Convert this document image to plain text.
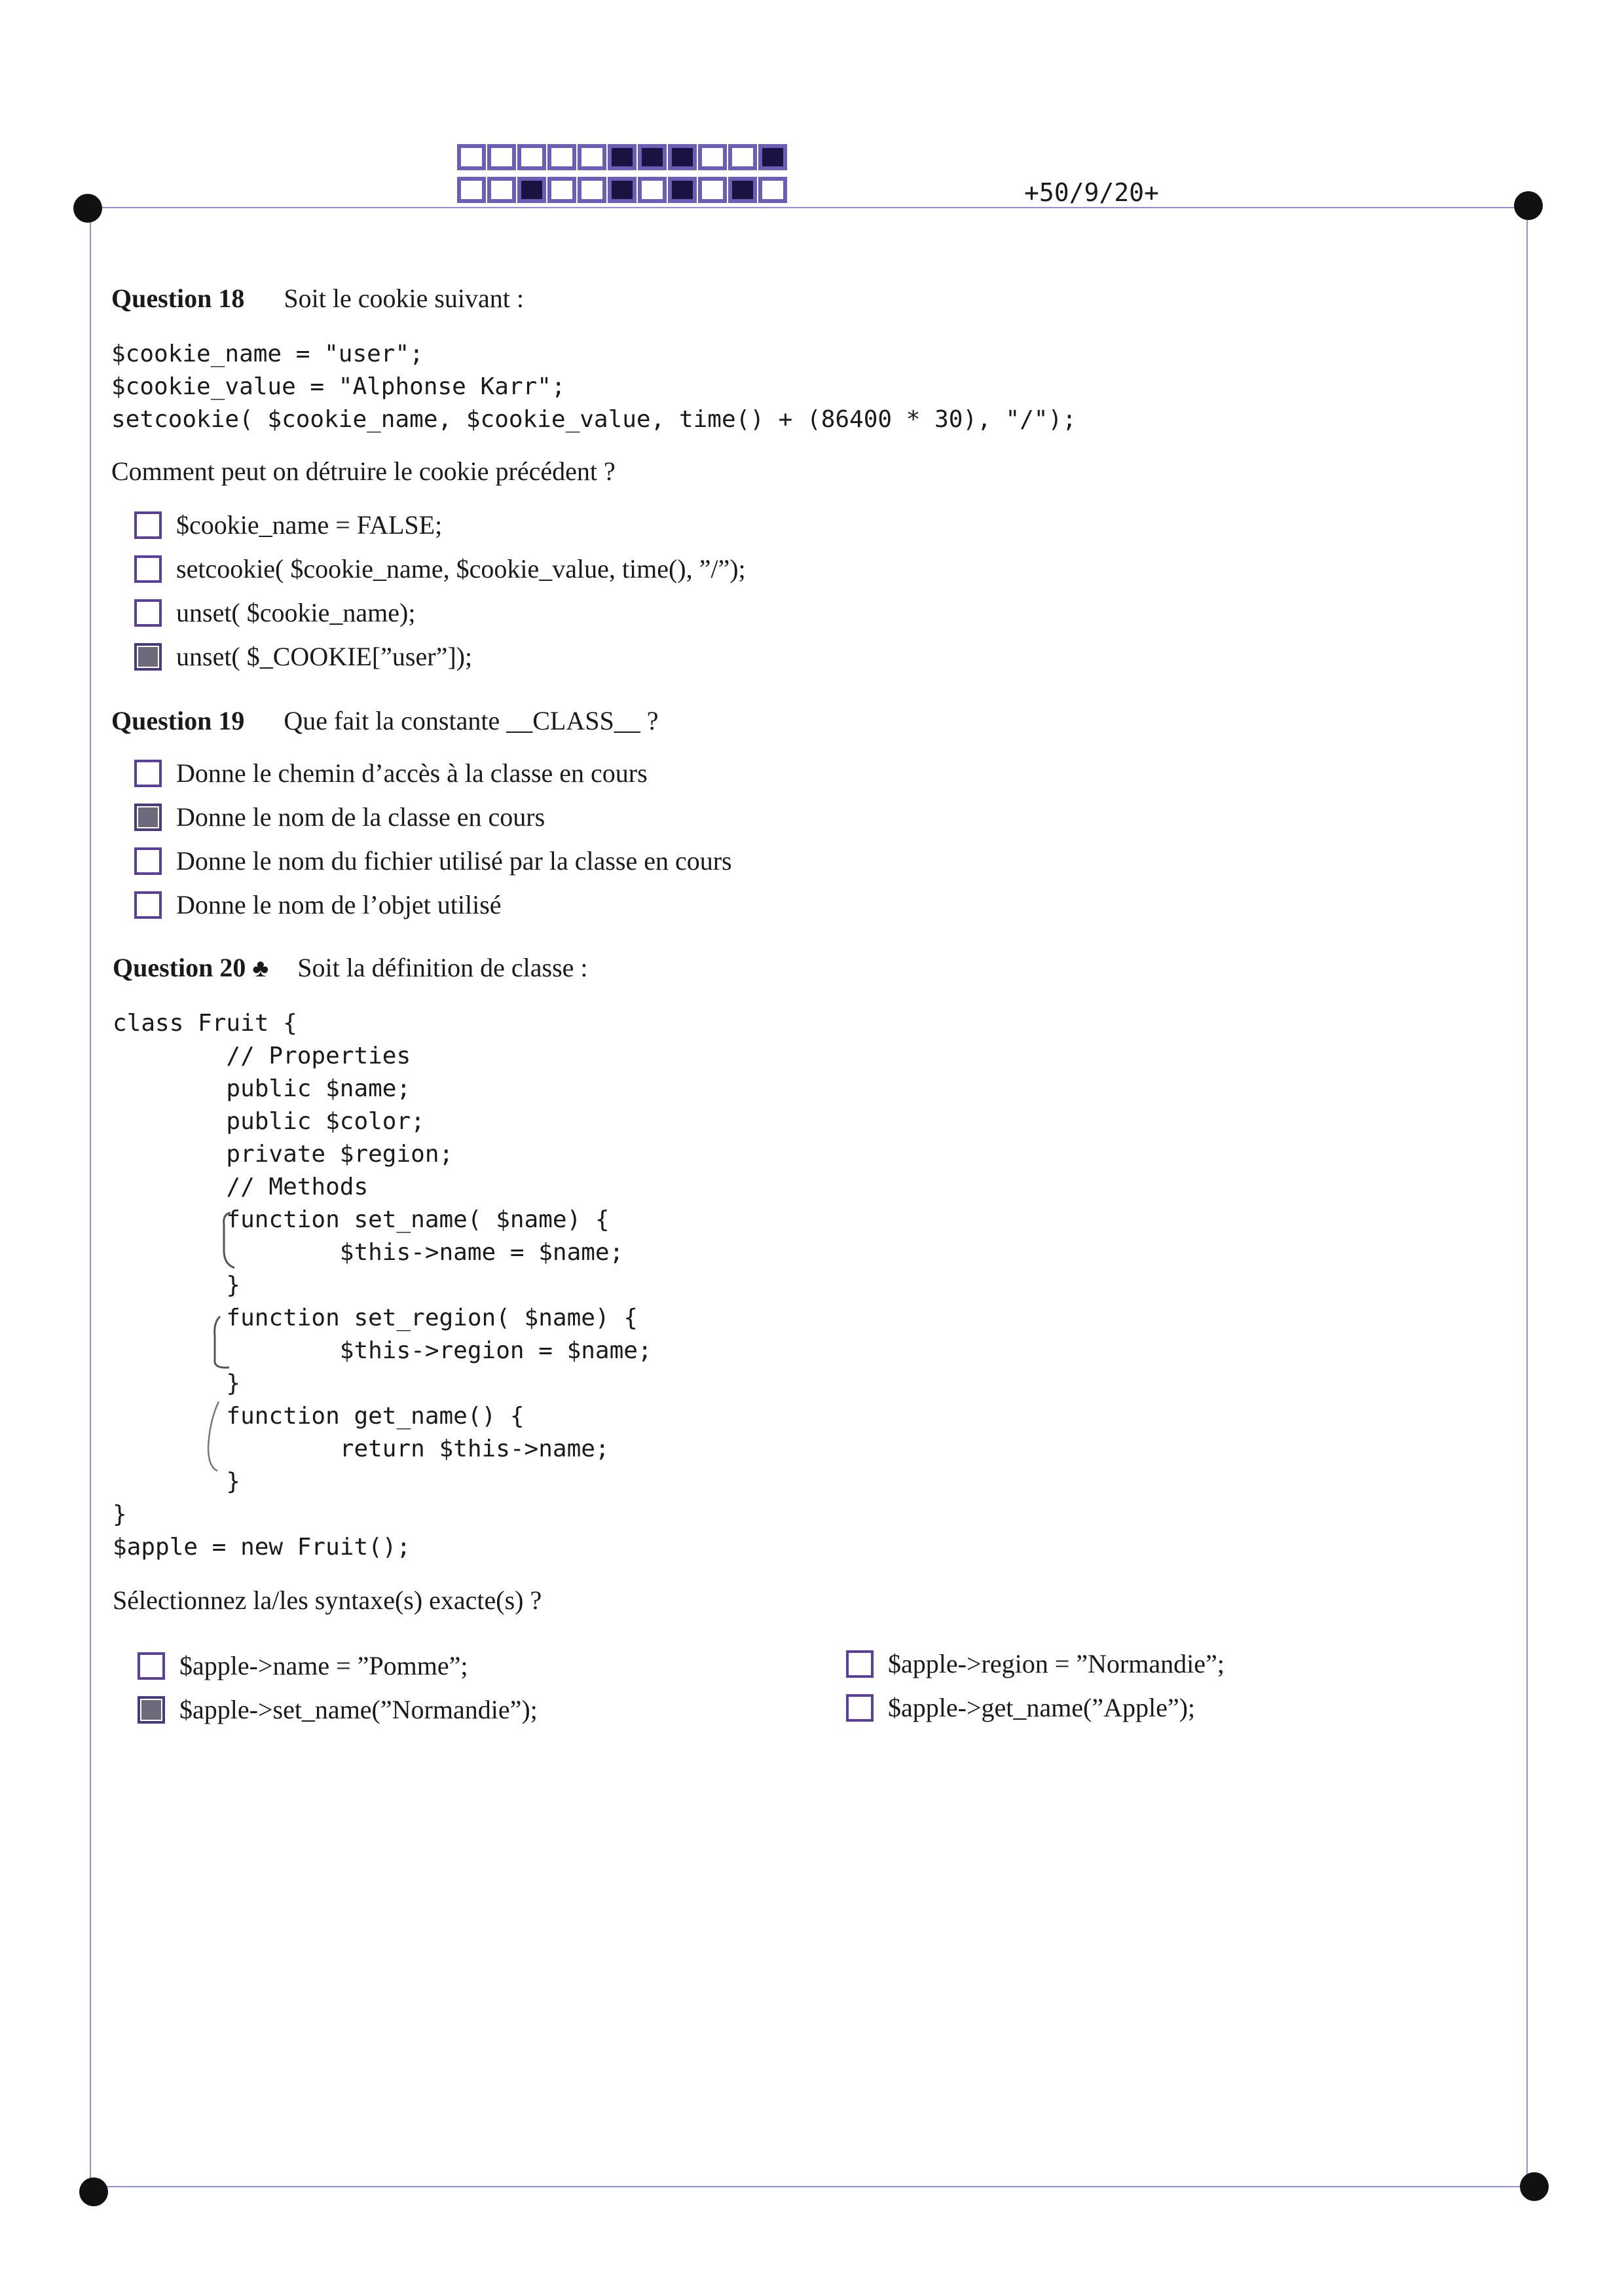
+50/9/20+
Question 18 Soit le cookie suivant :
$cookie_name = "user";
$cookie_value = "Alphonse Karr";
setcookie( $cookie_name, $cookie_value, time() + (86400 * 30), "/");
Comment peut on détruire le cookie précédent ?
$cookie_name = FALSE;
setcookie( $cookie_name, $cookie_value, time(), ”/”);
unset( $cookie_name);
unset( $_COOKIE[”user”]);
Question 19 Que fait la constante __CLASS__ ?
Donne le chemin d’accès à la classe en cours
Donne le nom de la classe en cours
Donne le nom du fichier utilisé par la classe en cours
Donne le nom de l’objet utilisé
Question 20 ♣ Soit la définition de classe :
class Fruit {
// Properties
public $name;
public $color;
private $region;
// Methods
function set_name( $name) {
$this->name = $name;
}
function set_region( $name) {
$this->region = $name;
}
function get_name() {
return $this->name;
}
}
$apple = new Fruit();
Sélectionnez la/les syntaxe(s) exacte(s) ?
$apple->name = ”Pomme”;
$apple->set_name(”Normandie”);
$apple->region = ”Normandie”;
$apple->get_name(”Apple”);
